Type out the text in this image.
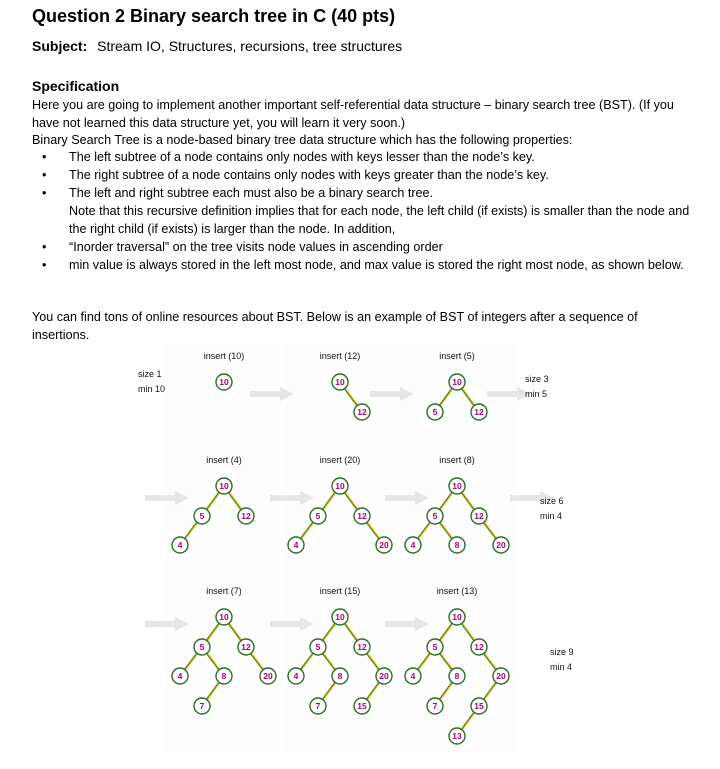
Question 2 Binary search tree in C (40 pts)
Subject: Stream IO, Structures, recursions, tree structures
Specification
Here you are going to implement another important self-referential data structure – binary search tree (BST). (If you have not learned this data structure yet, you will learn it very soon.)
Binary Search Tree is a node-based binary tree data structure which has the following properties:
• The left subtree of a node contains only nodes with keys lesser than the node’s key.
• The right subtree of a node contains only nodes with keys greater than the node’s key.
• The left and right subtree each must also be a binary search tree.
Note that this recursive definition implies that for each node, the left child (if exists) is smaller than the node and the right child (if exists) is larger than the node. In addition,
• “Inorder traversal” on the tree visits node values in ascending order
• min value is always stored in the left most node, and max value is stored the right most node, as shown below.
You can find tons of online resources about BST. Below is an example of BST of integers after a sequence of insertions.
insert (10)
10
insert (12)
10
12
insert (5)
10
5	12
size 1
min 10
size 3
min 5
insert (4)
10
5	12
4
insert (20)
10
5	12
4	20
insert (8)
10
5	12
4	8	20
size 6
min 4
insert (7)
10
5	12
4	8	20
7
insert (15)
10
5	12
4	8	20
7	15
insert (13)
10
5	12
4	8	20
7	15
13
size 9
min 4
